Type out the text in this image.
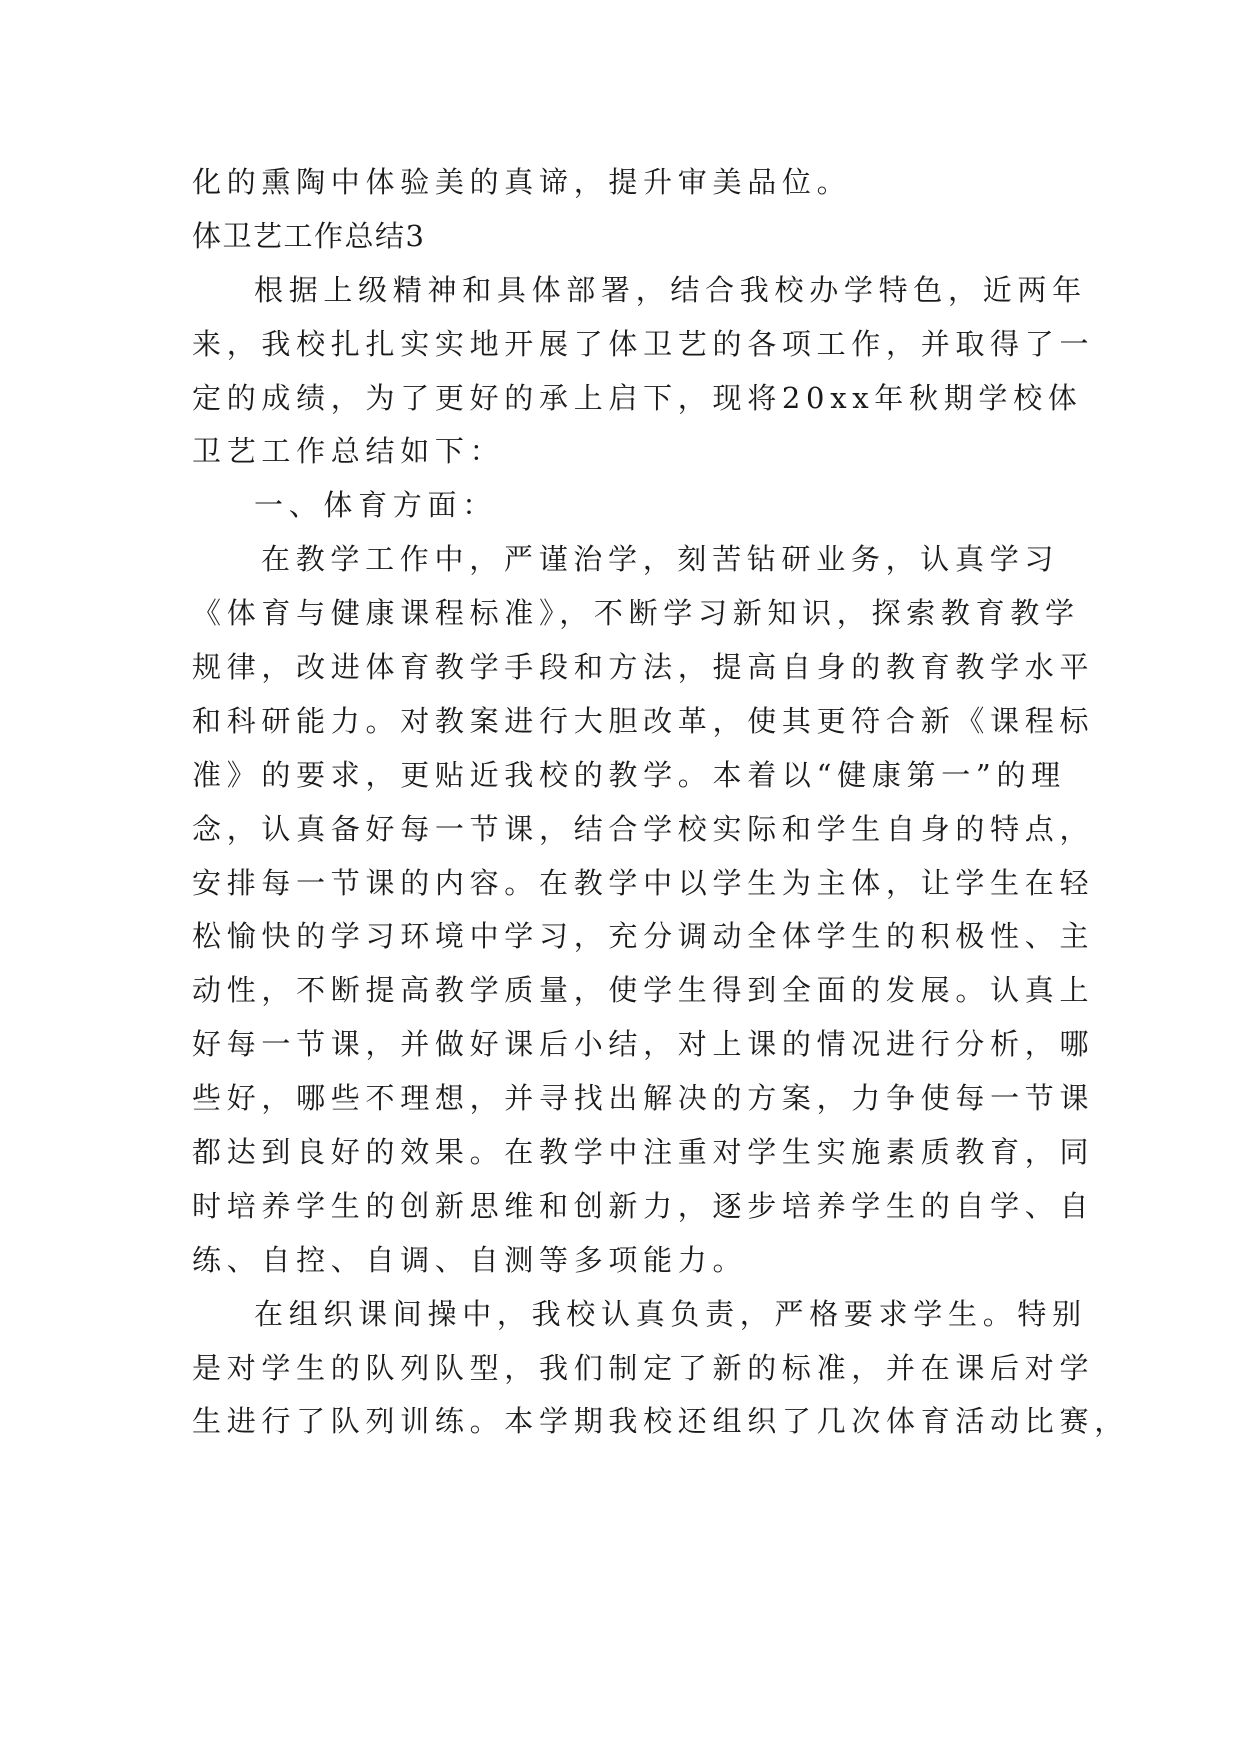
化的熏陶中体验美的真谛，提升审美品位。
体卫艺工作总结3
根据上级精神和具体部署，结合我校办学特色，近两年
来，我校扎扎实实地开展了体卫艺的各项工作，并取得了一
定的成绩，为了更好的承上启下，现将20xx年秋期学校体
卫艺工作总结如下：
一、体育方面：
在教学工作中，严谨治学，刻苦钻研业务，认真学习
《体育与健康课程标准》，不断学习新知识，探索教育教学
规律，改进体育教学手段和方法，提高自身的教育教学水平
和科研能力。对教案进行大胆改革，使其更符合新《课程标
准》的要求，更贴近我校的教学。本着以“健康第一”的理
念，认真备好每一节课，结合学校实际和学生自身的特点，
安排每一节课的内容。在教学中以学生为主体，让学生在轻
松愉快的学习环境中学习，充分调动全体学生的积极性、主
动性，不断提高教学质量，使学生得到全面的发展。认真上
好每一节课，并做好课后小结，对上课的情况进行分析，哪
些好，哪些不理想，并寻找出解决的方案，力争使每一节课
都达到良好的效果。在教学中注重对学生实施素质教育，同
时培养学生的创新思维和创新力，逐步培养学生的自学、自
练、自控、自调、自测等多项能力。
在组织课间操中，我校认真负责，严格要求学生。特别
是对学生的队列队型，我们制定了新的标准，并在课后对学
生进行了队列训练。本学期我校还组织了几次体育活动比赛，
